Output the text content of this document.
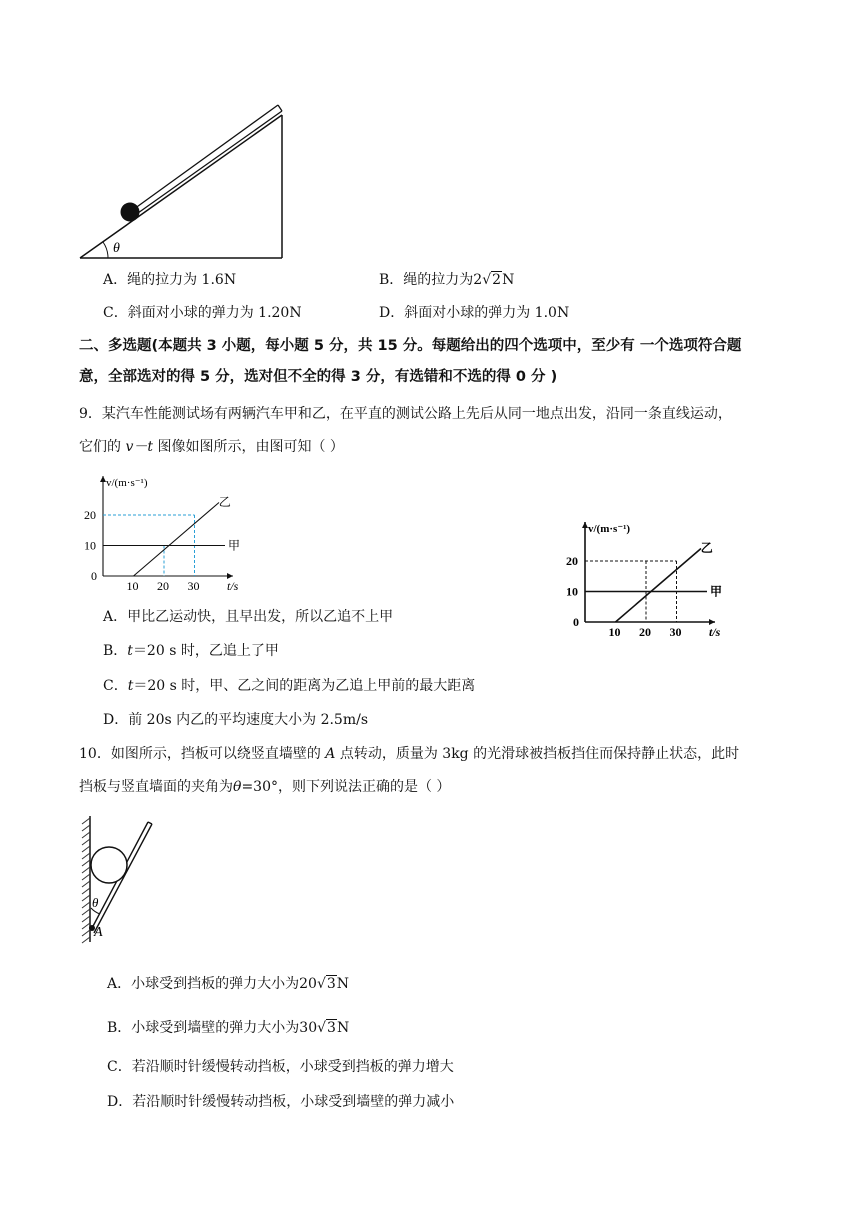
θ
A．绳的拉力为 1.6N	B．绳的拉力为2√2N
C．斜面对小球的弹力为 1.20N	D．斜面对小球的弹力为 1.0N
二、多选题(本题共 3 小题，每小题 5 分，共 15 分。每题给出的四个选项中，至少有 一个选项符合题
意，全部选对的得 5 分，选对但不全的得 3 分，有选错和不选的得 0 分 )
9．某汽车性能测试场有两辆汽车甲和乙，在平直的测试公路上先后从同一地点出发，沿同一条直线运动，
它们的 v－t 图像如图所示，由图可知（ ）
v/(m·s⁻¹)
t/s
甲
乙
20
10
0
10 20 30
v/(m·s⁻¹)
t/s
甲
乙
20
10
0
10 20 30
A．甲比乙运动快，且早出发，所以乙追不上甲
B．t＝20 s 时，乙追上了甲
C．t＝20 s 时，甲、乙之间的距离为乙追上甲前的最大距离
D．前 20s 内乙的平均速度大小为 2.5m/s
10．如图所示，挡板可以绕竖直墙壁的 A 点转动，质量为 3kg 的光滑球被挡板挡住而保持静止状态，此时
挡板与竖直墙面的夹角为θ=30°，则下列说法正确的是（ ）
θ
A
A．小球受到挡板的弹力大小为20√3N
B．小球受到墙壁的弹力大小为30√3N
C．若沿顺时针缓慢转动挡板，小球受到挡板的弹力增大
D．若沿顺时针缓慢转动挡板，小球受到墙壁的弹力减小
